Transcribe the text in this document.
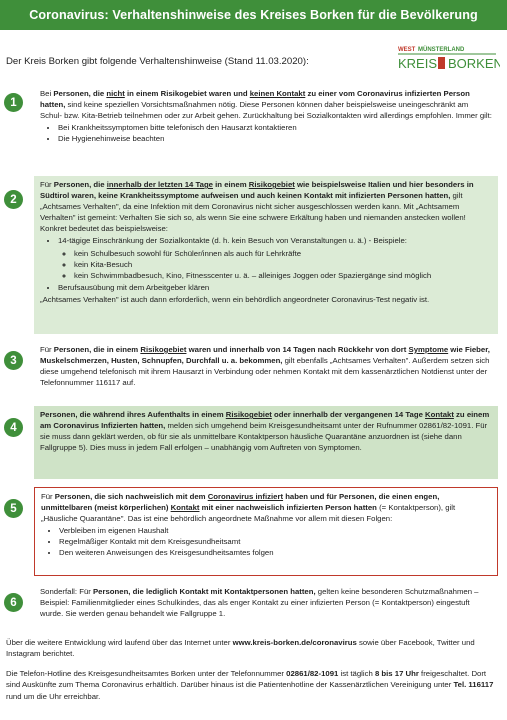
Coronavirus: Verhaltenshinweise des Kreises Borken für die Bevölkerung
Der Kreis Borken gibt folgende Verhaltenshinweise (Stand 11.03.2020):
WEST MÜNSTERLAND
KREIS BORKEN
1

Bei Personen, die nicht in einem Risikogebiet waren und keinen Kontakt zu einer vom Coronavirus infizierten Person hatten, sind keine speziellen Vorsichtsmaßnahmen nötig. Diese Personen können daher beispielsweise uneingeschränkt am Schul- bzw. Kita-Betrieb teilnehmen oder zur Arbeit gehen. Zurückhaltung bei Sozialkontakten wird allerdings empfohlen. Immer gilt:

• Bei Krankheitssymptomen bitte telefonisch den Hausarzt kontaktieren
• Die Hygienehinweise beachten
2

Für Personen, die innerhalb der letzten 14 Tage in einem Risikogebiet wie beispielsweise Italien und hier besonders in Südtirol waren, keine Krankheitssymptome aufweisen und auch keinen Kontakt mit infizierten Personen hatten, gilt „Achtsames Verhalten", da eine Infektion mit dem Coronavirus nicht sicher ausgeschlossen werden kann. Mit „Achtsamem Verhalten" ist gemeint: Verhalten Sie sich so, als wenn Sie eine schwere Erkältung haben und niemanden anstecken wollen! Konkret bedeutet das beispielsweise:

• 14-tägige Einschränkung der Sozialkontakte (d. h. kein Besuch von Veranstaltungen u. ä.) - Beispiele:
◦ kein Schulbesuch sowohl für Schüler/innen als auch für Lehrkräfte
◦ kein Kita-Besuch
◦ kein Schwimmbadbesuch, Kino, Fitnesscenter u. ä. – alleiniges Joggen oder Spaziergänge sind möglich
• Berufsausübung mit dem Arbeitgeber klären

„Achtsames Verhalten" ist auch dann erforderlich, wenn ein behördlich angeordneter Coronavirus-Test negativ ist.

3

Für Personen, die in einem Risikogebiet waren und innerhalb von 14 Tagen nach Rückkehr von dort Symptome wie Fieber, Muskelschmerzen, Husten, Schnupfen, Durchfall u. a. bekommen, gilt ebenfalls „Achtsames Verhalten". Außerdem setzen sich diese umgehend telefonisch mit ihrem Hausarzt in Verbindung oder nehmen Kontakt mit dem kassenärztlichen Notdienst unter der Telefonnummer 116117 auf.

4

Personen, die während ihres Aufenthalts in einem Risikogebiet oder innerhalb der vergangenen 14 Tage Kontakt zu einem am Coronavirus Infizierten hatten, melden sich umgehend beim Kreisgesundheitsamt unter der Rufnummer 02861/82-1091. Für sie muss dann geklärt werden, ob für sie als unmittelbare Kontaktperson häusliche Quarantäne anzuordnen ist (siehe dann Fallgruppe 5). Dies muss in jedem Fall erfolgen – unabhängig vom Auftreten von Symptomen.

5

Für Personen, die sich nachweislich mit dem Coronavirus infiziert haben und für Personen, die einen engen, unmittelbaren (meist körperlichen) Kontakt mit einer nachweislich infizierten Person hatten (= Kontaktperson), gilt „Häusliche Quarantäne". Das ist eine behördlich angeordnete Maßnahme vor allem mit diesen Folgen:

• Verbleiben im eigenen Haushalt
• Regelmäßiger Kontakt mit dem Kreisgesundheitsamt
• Den weiteren Anweisungen des Kreisgesundheitsamtes folgen
6

Sonderfall: Für Personen, die lediglich Kontakt mit Kontaktpersonen hatten, gelten keine besonderen Schutzmaßnahmen – Beispiel: Familienmitglieder eines Schulkindes, das als enger Kontakt zu einer infizierten Person (= Kontaktperson) eingestuft wurde. Sie werden genau behandelt wie Fallgruppe 1.

Über die weitere Entwicklung wird laufend über das Internet unter www.kreis-borken.de/coronavirus sowie über Facebook, Twitter und Instagram berichtet.
Die Telefon-Hotline des Kreisgesundheitsamtes Borken unter der Telefonnummer 02861/82-1091 ist täglich 8 bis 17 Uhr freigeschaltet. Dort sind Auskünfte zum Thema Coronavirus erhältlich. Darüber hinaus ist die Patientenhotline der Kassenärztlichen Vereinigung unter Tel. 116117 rund um die Uhr erreichbar.
